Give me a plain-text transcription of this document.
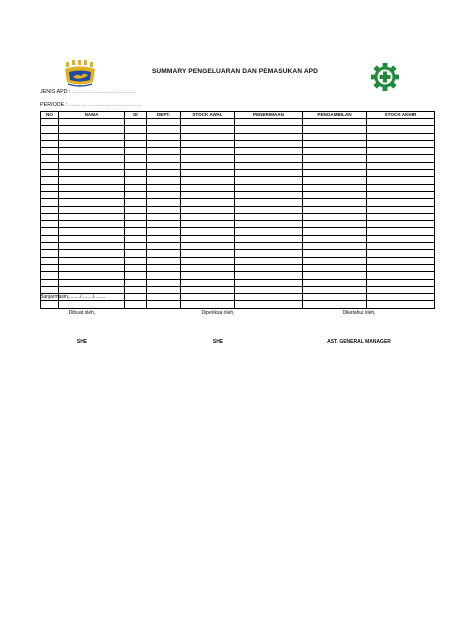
SUMMARY PENGELUARAN DAN PEMASUKAN APD
JENIS APD : ......................................
PERIODE : ...........................................
NO	NAMA	ID	DEPT.	STOCK AWAL	PENERIMAAN	PENGAMBILAN	STOCK AKHIR

Banjarmasin,......../......../........
Dibuat oleh,	Diperiksa oleh,	Diketahui oleh,
SHE	SHE	AST. GENERAL MANAGER
